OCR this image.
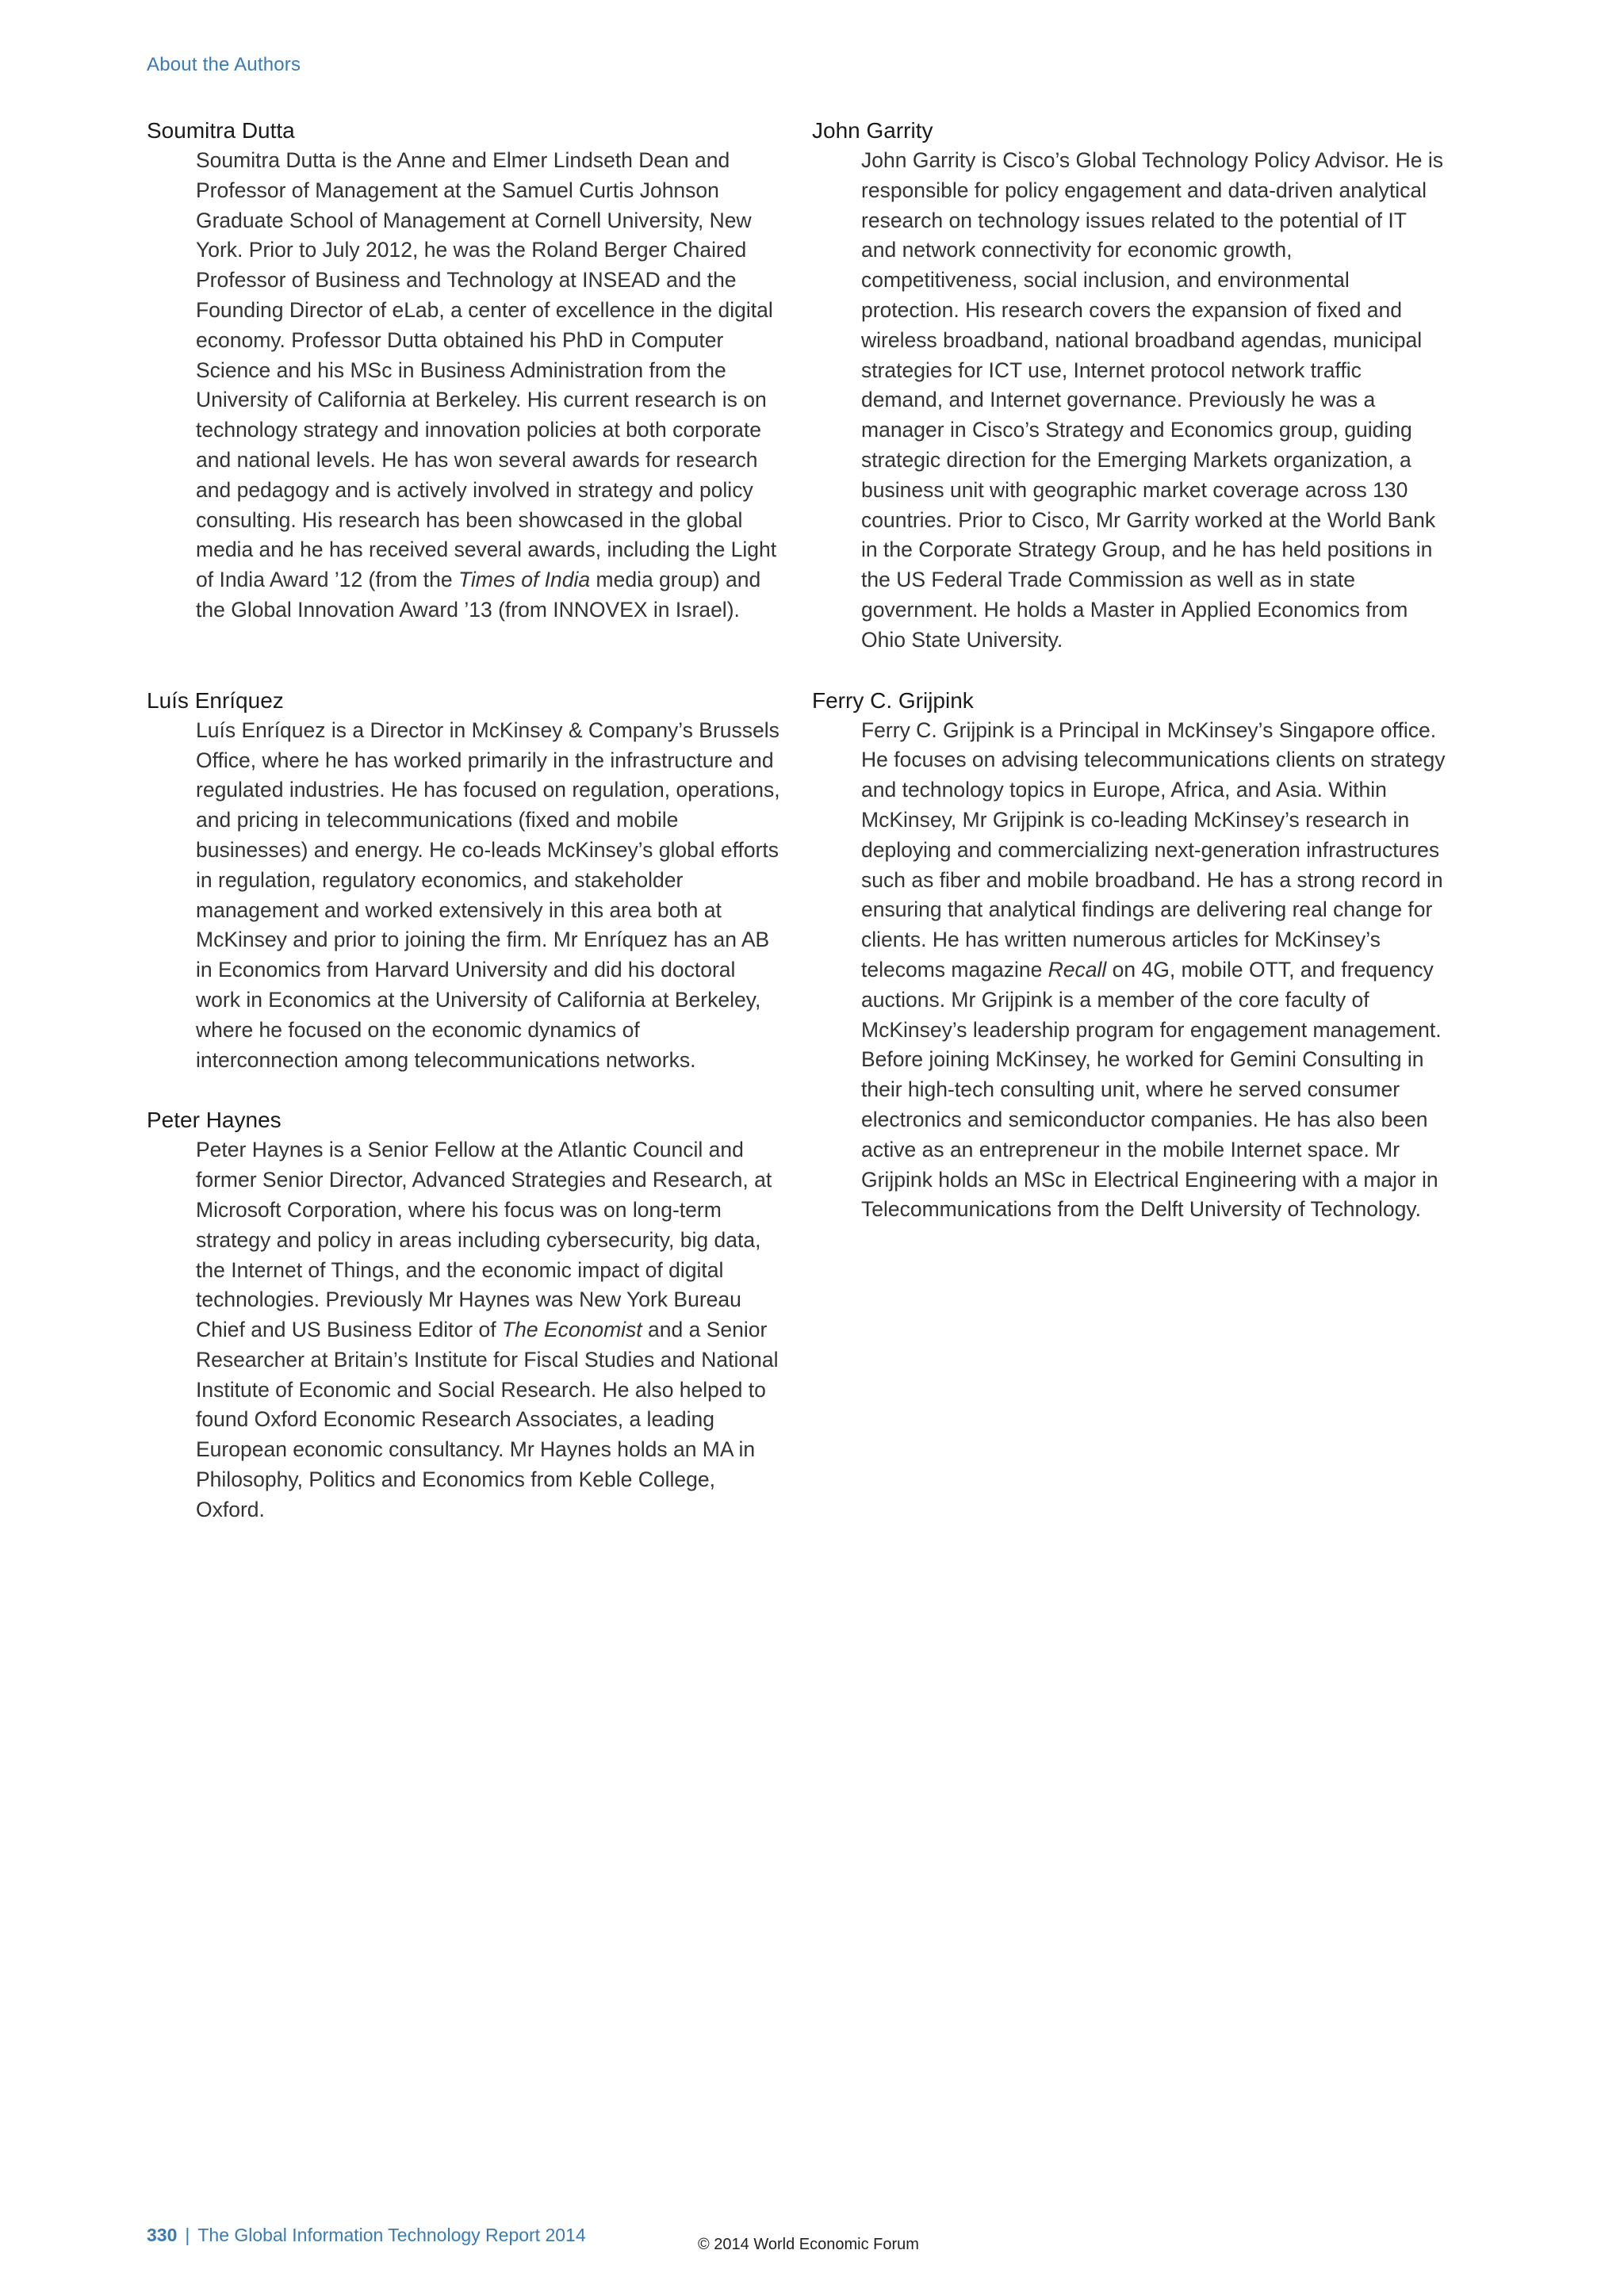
About the Authors
Soumitra Dutta

Soumitra Dutta is the Anne and Elmer Lindseth Dean and Professor of Management at the Samuel Curtis Johnson Graduate School of Management at Cornell University, New York. Prior to July 2012, he was the Roland Berger Chaired Professor of Business and Technology at INSEAD and the Founding Director of eLab, a center of excellence in the digital economy. Professor Dutta obtained his PhD in Computer Science and his MSc in Business Administration from the University of California at Berkeley. His current research is on technology strategy and innovation policies at both corporate and national levels. He has won several awards for research and pedagogy and is actively involved in strategy and policy consulting. His research has been showcased in the global media and he has received several awards, including the Light of India Award ’12 (from the Times of India media group) and the Global Innovation Award ’13 (from INNOVEX in Israel).

Luís Enríquez

Luís Enríquez is a Director in McKinsey & Company’s Brussels Office, where he has worked primarily in the infrastructure and regulated industries. He has focused on regulation, operations, and pricing in telecommunications (fixed and mobile businesses) and energy. He co-leads McKinsey’s global efforts in regulation, regulatory economics, and stakeholder management and worked extensively in this area both at McKinsey and prior to joining the firm. Mr Enríquez has an AB in Economics from Harvard University and did his doctoral work in Economics at the University of California at Berkeley, where he focused on the economic dynamics of interconnection among telecommunications networks.

Peter Haynes

Peter Haynes is a Senior Fellow at the Atlantic Council and former Senior Director, Advanced Strategies and Research, at Microsoft Corporation, where his focus was on long-term strategy and policy in areas including cybersecurity, big data, the Internet of Things, and the economic impact of digital technologies. Previously Mr Haynes was New York Bureau Chief and US Business Editor of The Economist and a Senior Researcher at Britain’s Institute for Fiscal Studies and National Institute of Economic and Social Research. He also helped to found Oxford Economic Research Associates, a leading European economic consultancy. Mr Haynes holds an MA in Philosophy, Politics and Economics from Keble College, Oxford.

John Garrity

John Garrity is Cisco’s Global Technology Policy Advisor. He is responsible for policy engagement and data-driven analytical research on technology issues related to the potential of IT and network connectivity for economic growth, competitiveness, social inclusion, and environmental protection. His research covers the expansion of fixed and wireless broadband, national broadband agendas, municipal strategies for ICT use, Internet protocol network traffic demand, and Internet governance. Previously he was a manager in Cisco’s Strategy and Economics group, guiding strategic direction for the Emerging Markets organization, a business unit with geographic market coverage across 130 countries. Prior to Cisco, Mr Garrity worked at the World Bank in the Corporate Strategy Group, and he has held positions in the US Federal Trade Commission as well as in state government. He holds a Master in Applied Economics from Ohio State University.

Ferry C. Grijpink

Ferry C. Grijpink is a Principal in McKinsey’s Singapore office. He focuses on advising telecommunications clients on strategy and technology topics in Europe, Africa, and Asia. Within McKinsey, Mr Grijpink is co-leading McKinsey’s research in deploying and commercializing next-generation infrastructures such as fiber and mobile broadband. He has a strong record in ensuring that analytical findings are delivering real change for clients. He has written numerous articles for McKinsey’s telecoms magazine Recall on 4G, mobile OTT, and frequency auctions. Mr Grijpink is a member of the core faculty of McKinsey’s leadership program for engagement management. Before joining McKinsey, he worked for Gemini Consulting in their high-tech consulting unit, where he served consumer electronics and semiconductor companies. He has also been active as an entrepreneur in the mobile Internet space. Mr Grijpink holds an MSc in Electrical Engineering with a major in Telecommunications from the Delft University of Technology.

330 | The Global Information Technology Report 2014	© 2014 World Economic Forum
